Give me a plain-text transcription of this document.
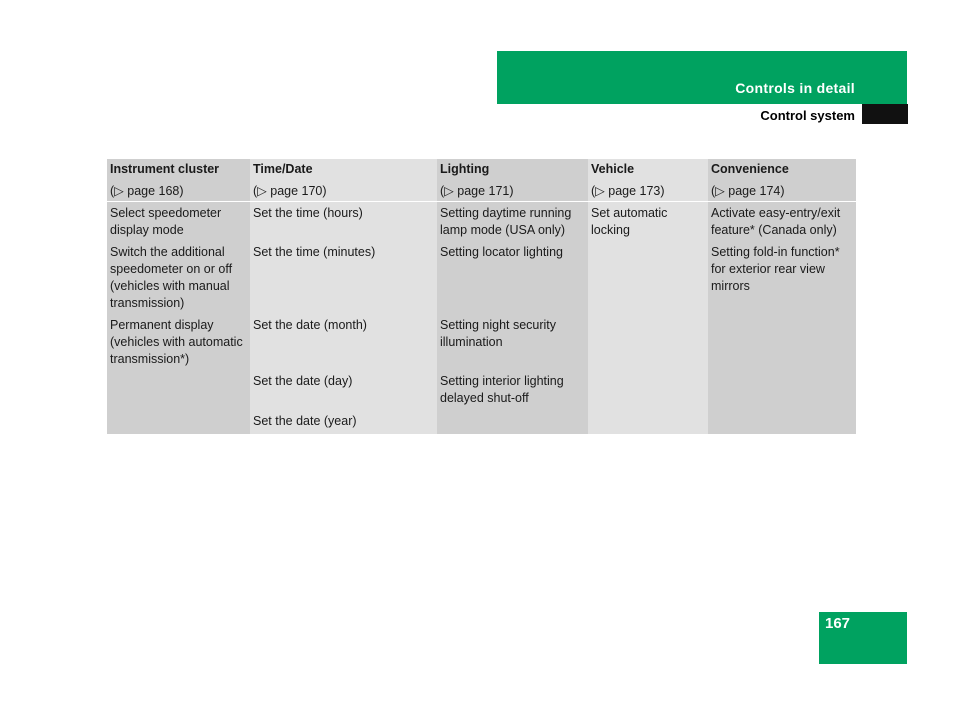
Controls in detail
Control system
Instrument cluster
(▷ page 168)
Select speedometer display mode
Switch the additional speedometer on or off (vehicles with manual transmission)
Permanent display (vehicles with automatic transmission*)
Time/Date
(▷ page 170)
Set the time (hours)
Set the time (minutes)
Set the date (month)
Set the date (day)
Set the date (year)
Lighting
(▷ page 171)
Setting daytime running lamp mode (USA only)
Setting locator lighting
Setting night security illumination
Setting interior lighting delayed shut-off
Vehicle
(▷ page 173)
Set automatic locking
Convenience
(▷ page 174)
Activate easy-entry/exit feature* (Canada only)
Setting fold-in function* for exterior rear view mirrors
167
